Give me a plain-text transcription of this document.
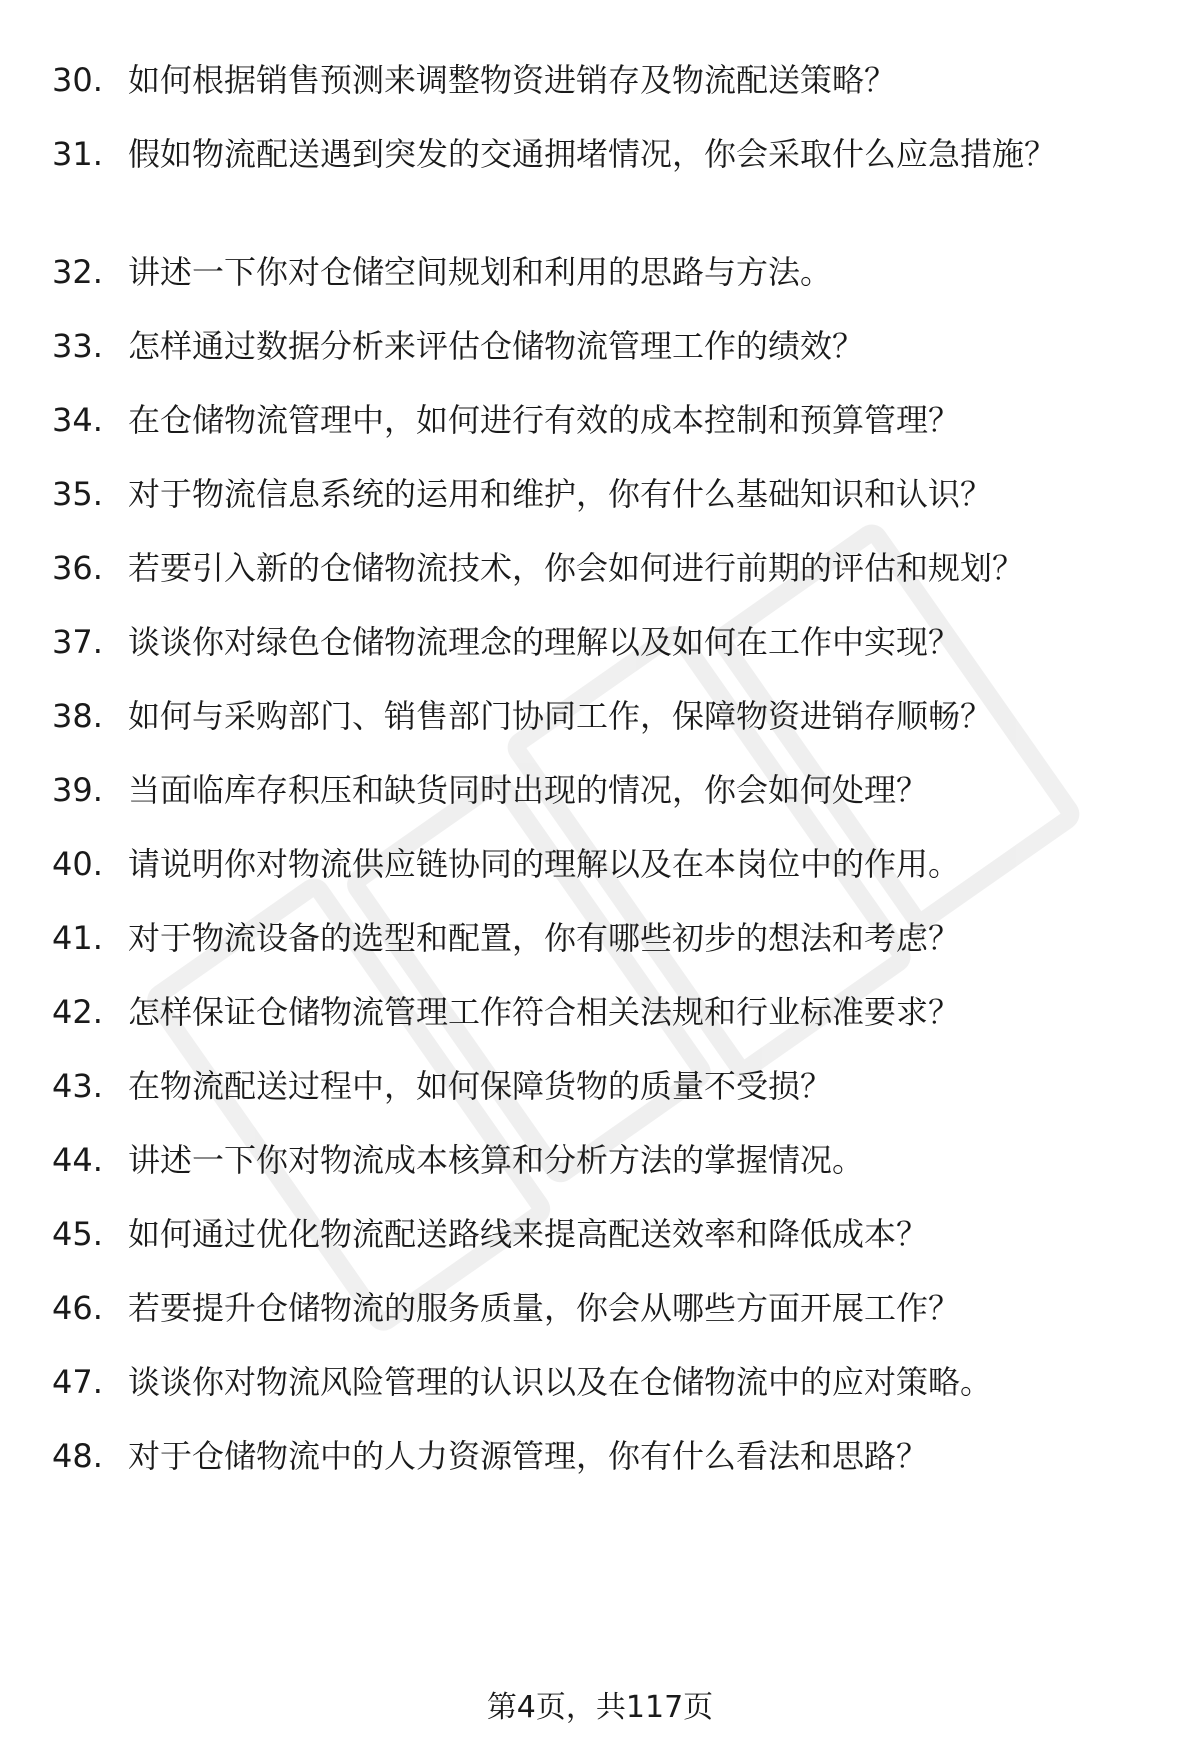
30. 如何根据销售预测来调整物资进销存及物流配送策略？
31. 假如物流配送遇到突发的交通拥堵情况，你会采取什么应急措施？
32. 讲述一下你对仓储空间规划和利用的思路与方法。
33. 怎样通过数据分析来评估仓储物流管理工作的绩效？
34. 在仓储物流管理中，如何进行有效的成本控制和预算管理？
35. 对于物流信息系统的运用和维护，你有什么基础知识和认识？
36. 若要引入新的仓储物流技术，你会如何进行前期的评估和规划？
37. 谈谈你对绿色仓储物流理念的理解以及如何在工作中实现？
38. 如何与采购部门、销售部门协同工作，保障物资进销存顺畅？
39. 当面临库存积压和缺货同时出现的情况，你会如何处理？
40. 请说明你对物流供应链协同的理解以及在本岗位中的作用。
41. 对于物流设备的选型和配置，你有哪些初步的想法和考虑？
42. 怎样保证仓储物流管理工作符合相关法规和行业标准要求？
43. 在物流配送过程中，如何保障货物的质量不受损？
44. 讲述一下你对物流成本核算和分析方法的掌握情况。
45. 如何通过优化物流配送路线来提高配送效率和降低成本？
46. 若要提升仓储物流的服务质量，你会从哪些方面开展工作？
47. 谈谈你对物流风险管理的认识以及在仓储物流中的应对策略。
48. 对于仓储物流中的人力资源管理，你有什么看法和思路？
第4页，共117页
